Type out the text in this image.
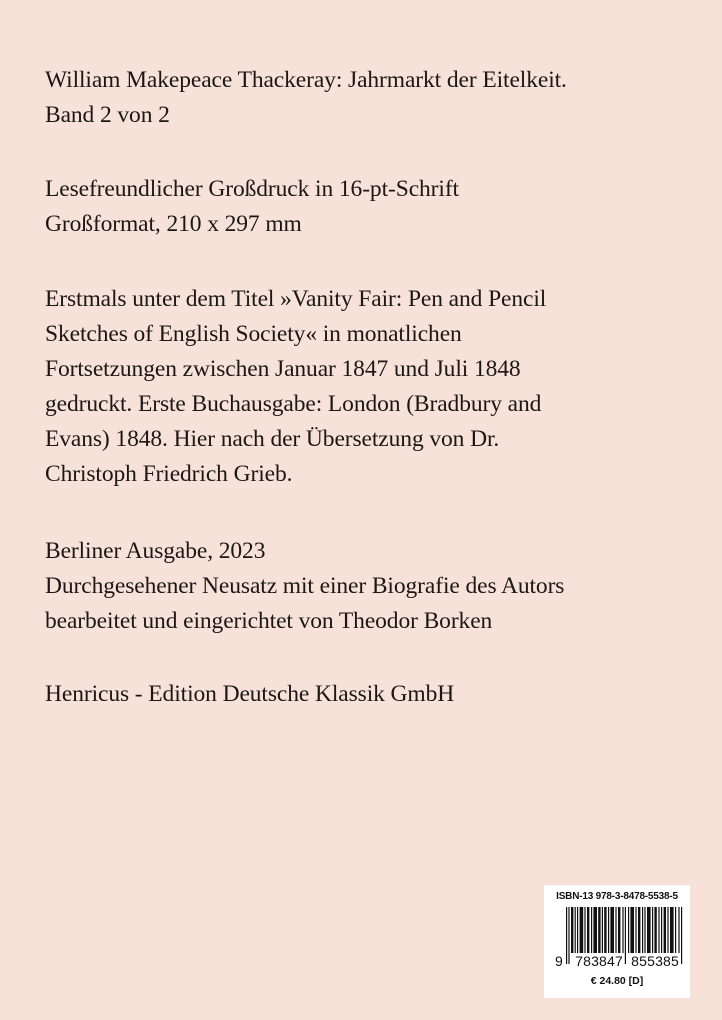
William Makepeace Thackeray: Jahrmarkt der Eitelkeit.
Band 2 von 2
Lesefreundlicher Großdruck in 16-pt-Schrift
Großformat, 210 x 297 mm
Erstmals unter dem Titel »Vanity Fair: Pen and Pencil
Sketches of English Society« in monatlichen
Fortsetzungen zwischen Januar 1847 und Juli 1848
gedruckt. Erste Buchausgabe: London (Bradbury and
Evans) 1848. Hier nach der Übersetzung von Dr.
Christoph Friedrich Grieb.
Berliner Ausgabe, 2023
Durchgesehener Neusatz mit einer Biografie des Autors
bearbeitet und eingerichtet von Theodor Borken
Henricus - Edition Deutsche Klassik GmbH
ISBN-13 978-3-8478-5538-5
9 783847 855385
€ 24.80 [D]
